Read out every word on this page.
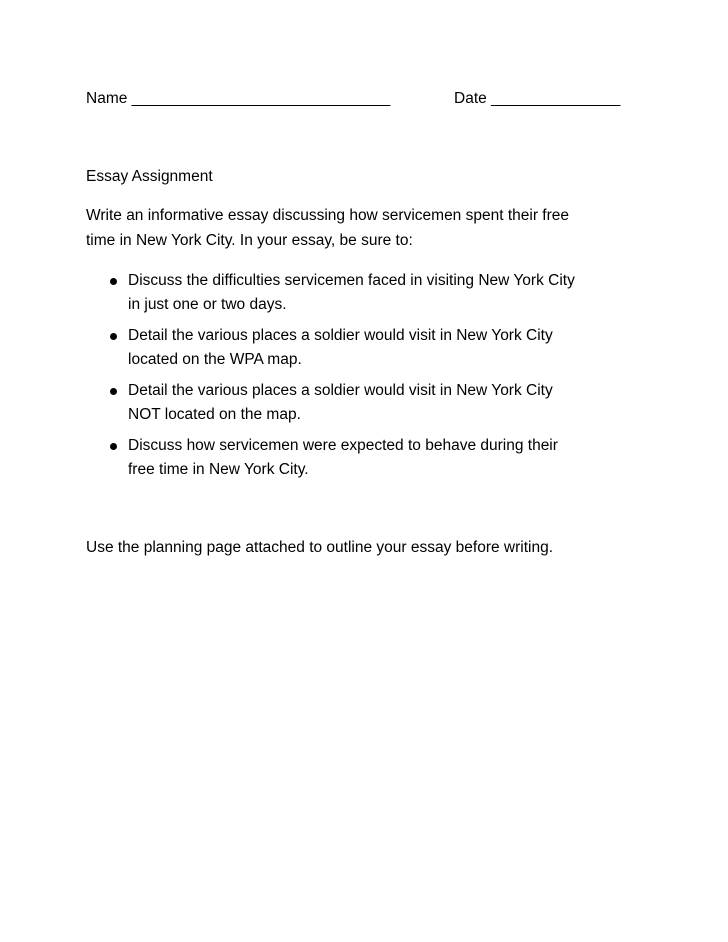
Name ______________________________	Date _______________
Essay Assignment
Write an informative essay discussing how servicemen spent their free
time in New York City. In your essay, be sure to:
Discuss the difficulties servicemen faced in visiting New York City
in just one or two days.
Detail the various places a soldier would visit in New York City
located on the WPA map.
Detail the various places a soldier would visit in New York City
NOT located on the map.
Discuss how servicemen were expected to behave during their
free time in New York City.
Use the planning page attached to outline your essay before writing.
